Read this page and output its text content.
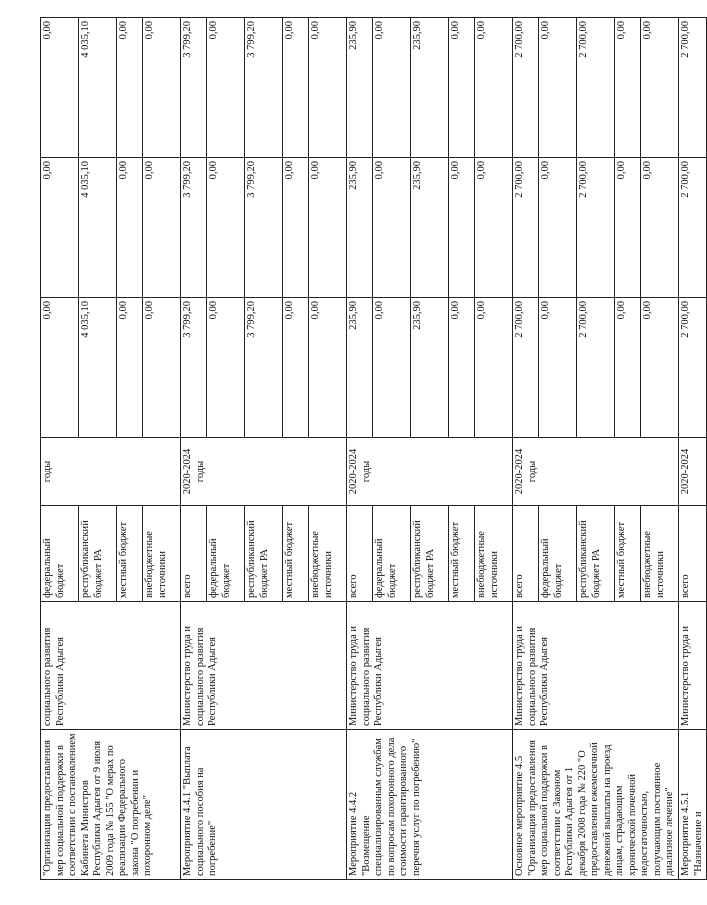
"Организация предоставления мер социальной поддержки в соответствии с постановлением Кабинета Министров Республики Адыгея от 9 июля 2009 года № 155 "О мерах по реализации Федерального закона "О погребении и похоронном деле"	социального развития Республики Адыгея	федеральный бюджет	годы	0,00	0,00	0,00
		республиканский бюджет РА		4 035,10	4 035,10	4 035,10
		местный бюджет		0,00	0,00	0,00
		внебюджетные источники		0,00	0,00	0,00
Мероприятие 4.4.1 "Выплата социального пособия на погребение"	Министерство труда и социального развития Республики Адыгея	всего	2020-2024 годы	3 799,20	3 799,20	3 799,20
		федеральный бюджет		0,00	0,00	0,00
		республиканский бюджет РА		3 799,20	3 799,20	3 799,20
		местный бюджет		0,00	0,00	0,00
		внебюджетные источники		0,00	0,00	0,00
Мероприятие 4.4.2 "Возмещение специализированным службам по вопросам похоронного дела стоимости гарантированного перечня услуг по погребению"	Министерство труда и социального развития Республики Адыгея	всего	2020-2024 годы	235,90	235,90	235,90
		федеральный бюджет		0,00	0,00	0,00
		республиканский бюджет РА		235,90	235,90	235,90
		местный бюджет		0,00	0,00	0,00
		внебюджетные источники		0,00	0,00	0,00
Основное мероприятие 4.5 "Организация предоставления мер социальной поддержки в соответствии с Законом Республики Адыгея от 1 декабря 2008 года № 220 "О предоставлении ежемесячной денежной выплаты на проезд лицам, страдающим хронической почечной недостаточностью, получающим постоянное диализное лечение"	Министерство труда и социального развития Республики Адыгея	всего	2020-2024 годы	2 700,00	2 700,00	2 700,00
		федеральный бюджет		0,00	0,00	0,00
		республиканский бюджет РА		2 700,00	2 700,00	2 700,00
		местный бюджет		0,00	0,00	0,00
		внебюджетные источники		0,00	0,00	0,00
Мероприятие 4.5.1 "Назначение и	Министерство труда и	всего	2020-2024	2 700,00	2 700,00	2 700,00
